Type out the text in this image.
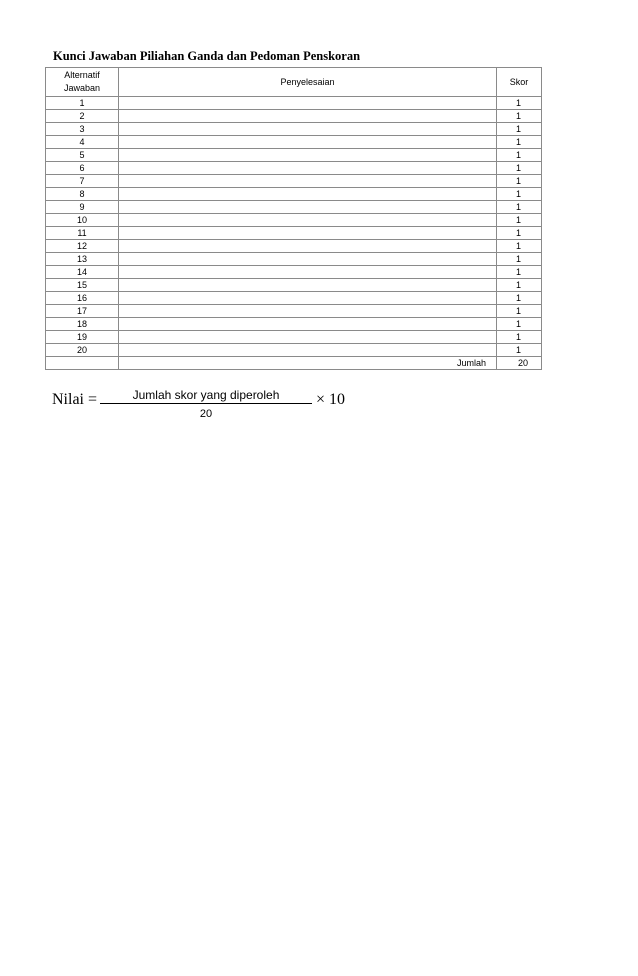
Kunci Jawaban Piliahan Ganda dan Pedoman Penskoran
Alternatif Jawaban	Penyelesaian	Skor
1		1
2		1
3		1
4		1
5		1
6		1
7		1
8		1
9		1
10		1
11		1
12		1
13		1
14		1
15		1
16		1
17		1
18		1
19		1
20		1
	Jumlah	20
Nilai =	Jumlah skor yang diperoleh
20
× 10
